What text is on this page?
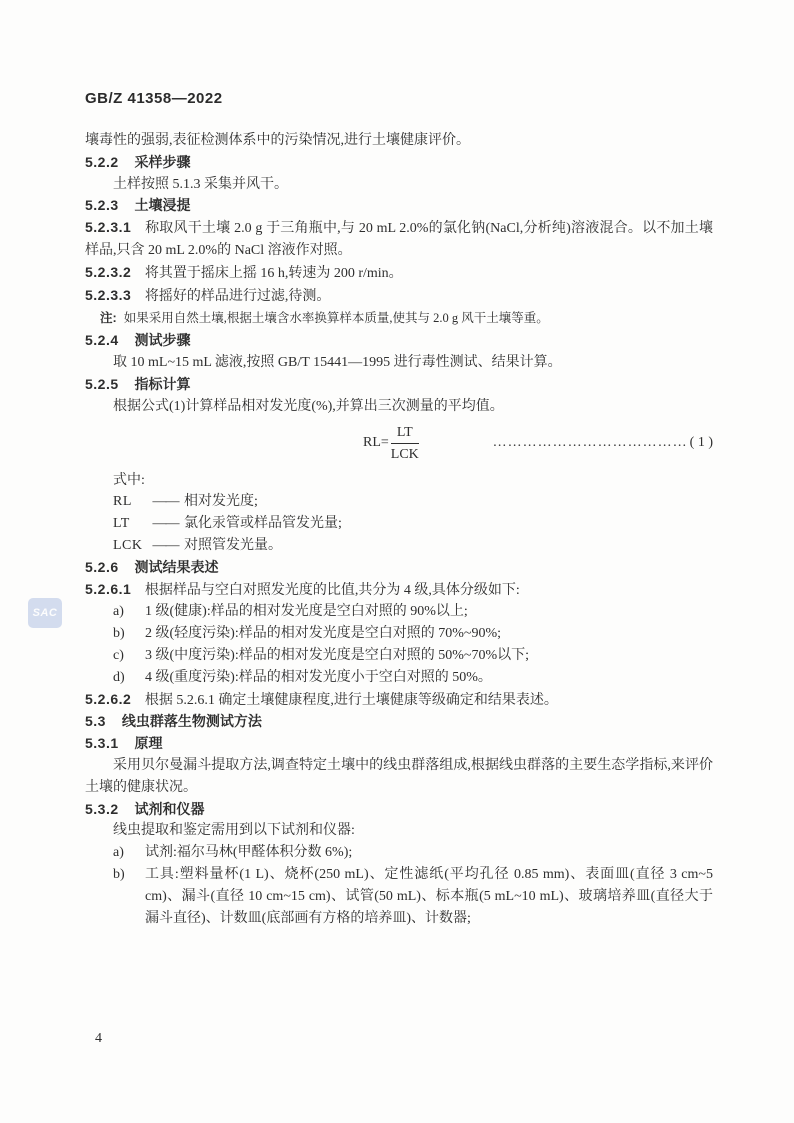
GB/Z 41358—2022
SAC

壤毒性的强弱,表征检测体系中的污染情况,进行土壤健康评价。

5.2.2 采样步骤

土样按照 5.1.3 采集并风干。

5.2.3 土壤浸提

5.2.3.1 称取风干土壤 2.0 g 于三角瓶中,与 20 mL 2.0%的氯化钠(NaCl,分析纯)溶液混合。以不加土壤样品,只含 20 mL 2.0%的 NaCl 溶液作对照。

5.2.3.2 将其置于摇床上摇 16 h,转速为 200 r/min。

5.2.3.3 将摇好的样品进行过滤,待测。

注: 如果采用自然土壤,根据土壤含水率换算样本质量,使其与 2.0 g 风干土壤等重。

5.2.4 测试步骤

取 10 mL~15 mL 滤液,按照 GB/T 15441—1995 进行毒性测试、结果计算。

5.2.5 指标计算

根据公式(1)计算样品相对发光度(%),并算出三次测量的平均值。

$RL= \frac{LT}{\text{LCK}}$	………………………………… ( 1 )

式中:

RL —— 相对发光度;

LT —— 氯化汞管或样品管发光量;

LCK —— 对照管发光量。

5.2.6 测试结果表述

5.2.6.1 根据样品与空白对照发光度的比值,共分为 4 级,具体分级如下:

a) 1 级(健康):样品的相对发光度是空白对照的 90%以上;

b) 2 级(轻度污染):样品的相对发光度是空白对照的 70%~90%;

c) 3 级(中度污染):样品的相对发光度是空白对照的 50%~70%以下;

d) 4 级(重度污染):样品的相对发光度小于空白对照的 50%。

5.2.6.2 根据 5.2.6.1 确定土壤健康程度,进行土壤健康等级确定和结果表述。

5.3 线虫群落生物测试方法

5.3.1 原理

采用贝尔曼漏斗提取方法,调查特定土壤中的线虫群落组成,根据线虫群落的主要生态学指标,来评价土壤的健康状况。

5.3.2 试剂和仪器

线虫提取和鉴定需用到以下试剂和仪器:

a) 试剂:福尔马林(甲醛体积分数 6%);

b) 工具:塑料量杯(1 L)、烧杯(250 mL)、定性滤纸(平均孔径 0.85 mm)、表面皿(直径 3 cm~5 cm)、漏斗(直径 10 cm~15 cm)、试管(50 mL)、标本瓶(5 mL~10 mL)、玻璃培养皿(直径大于漏斗直径)、计数皿(底部画有方格的培养皿)、计数器;

4
